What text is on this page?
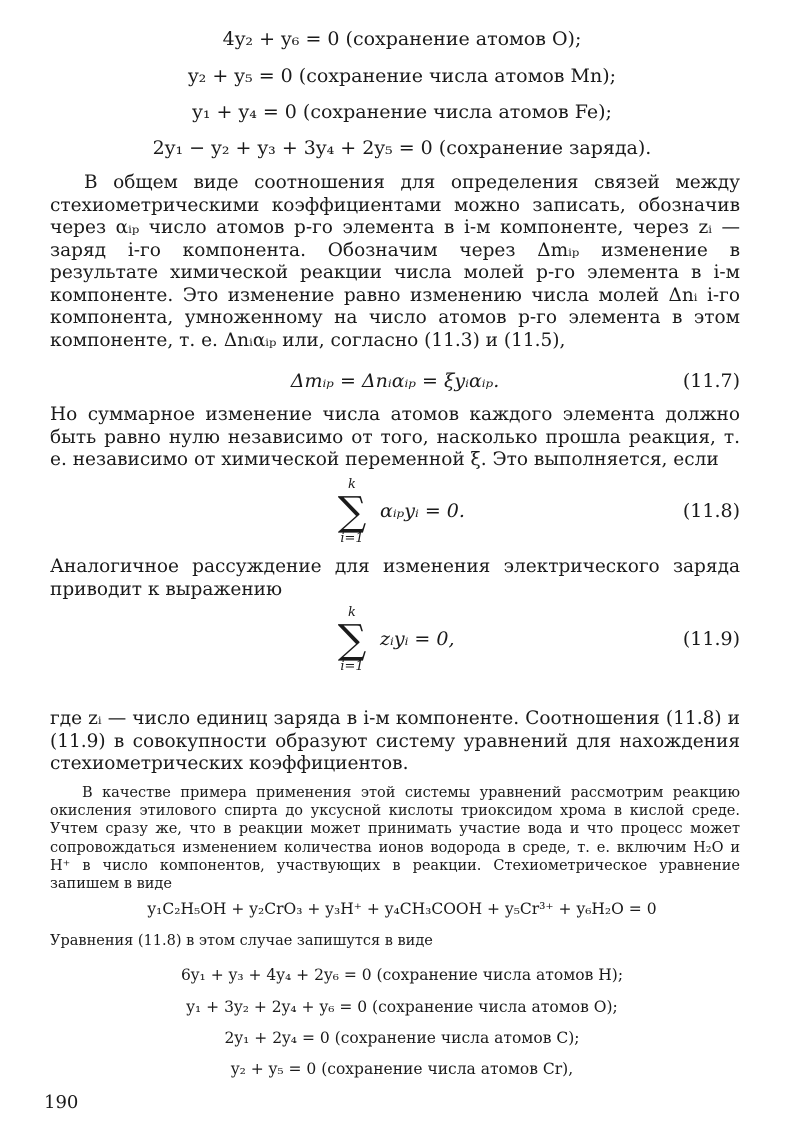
4y₂ + y₆ = 0 (сохранение атомов O);
y₂ + y₅ = 0 (сохранение числа атомов Mn);
y₁ + y₄ = 0 (сохранение числа атомов Fe);
2y₁ − y₂ + y₃ + 3y₄ + 2y₅ = 0 (сохранение заряда).
В общем виде соотношения для определения связей между стехиометрическими коэффициентами можно записать, обозначив через αᵢₚ число атомов p-го элемента в i-м компоненте, через zᵢ — заряд i-го компонента. Обозначим через Δmᵢₚ изменение в результате химической реакции числа молей p-го элемента в i-м компоненте. Это изменение равно изменению числа молей Δnᵢ i-го компонента, умноженному на число атомов p-го элемента в этом компоненте, т. е. Δnᵢαᵢₚ или, согласно (11.3) и (11.5),
Δmᵢₚ = Δnᵢαᵢₚ = ξyᵢαᵢₚ.	(11.7)
Но суммарное изменение числа атомов каждого элемента должно быть равно нулю независимо от того, насколько прошла реакция, т. е. независимо от химической переменной ξ. Это выполняется, если
k
∑
i=1
αᵢₚyᵢ = 0.	(11.8)
Аналогичное рассуждение для изменения электрического заряда приводит к выражению
k
∑
i=1
zᵢyᵢ = 0,	(11.9)
где zᵢ — число единиц заряда в i-м компоненте. Соотношения (11.8) и (11.9) в совокупности образуют систему уравнений для нахождения стехиометрических коэффициентов.
В качестве примера применения этой системы уравнений рассмотрим реакцию окисления этилового спирта до уксусной кислоты триоксидом хрома в кислой среде. Учтем сразу же, что в реакции может принимать участие вода и что процесс может сопровождаться изменением количества ионов водорода в среде, т. е. включим H₂O и H⁺ в число компонентов, участвующих в реакции. Стехиометрическое уравнение запишем в виде
y₁C₂H₅OH + y₂CrO₃ + y₃H⁺ + y₄CH₃COOH + y₅Cr³⁺ + y₆H₂O = 0
Уравнения (11.8) в этом случае запишутся в виде
6y₁ + y₃ + 4y₄ + 2y₆ = 0 (сохранение числа атомов H);
y₁ + 3y₂ + 2y₄ + y₆ = 0 (сохранение числа атомов O);
2y₁ + 2y₄ = 0 (сохранение числа атомов C);
y₂ + y₅ = 0 (сохранение числа атомов Cr),
190
